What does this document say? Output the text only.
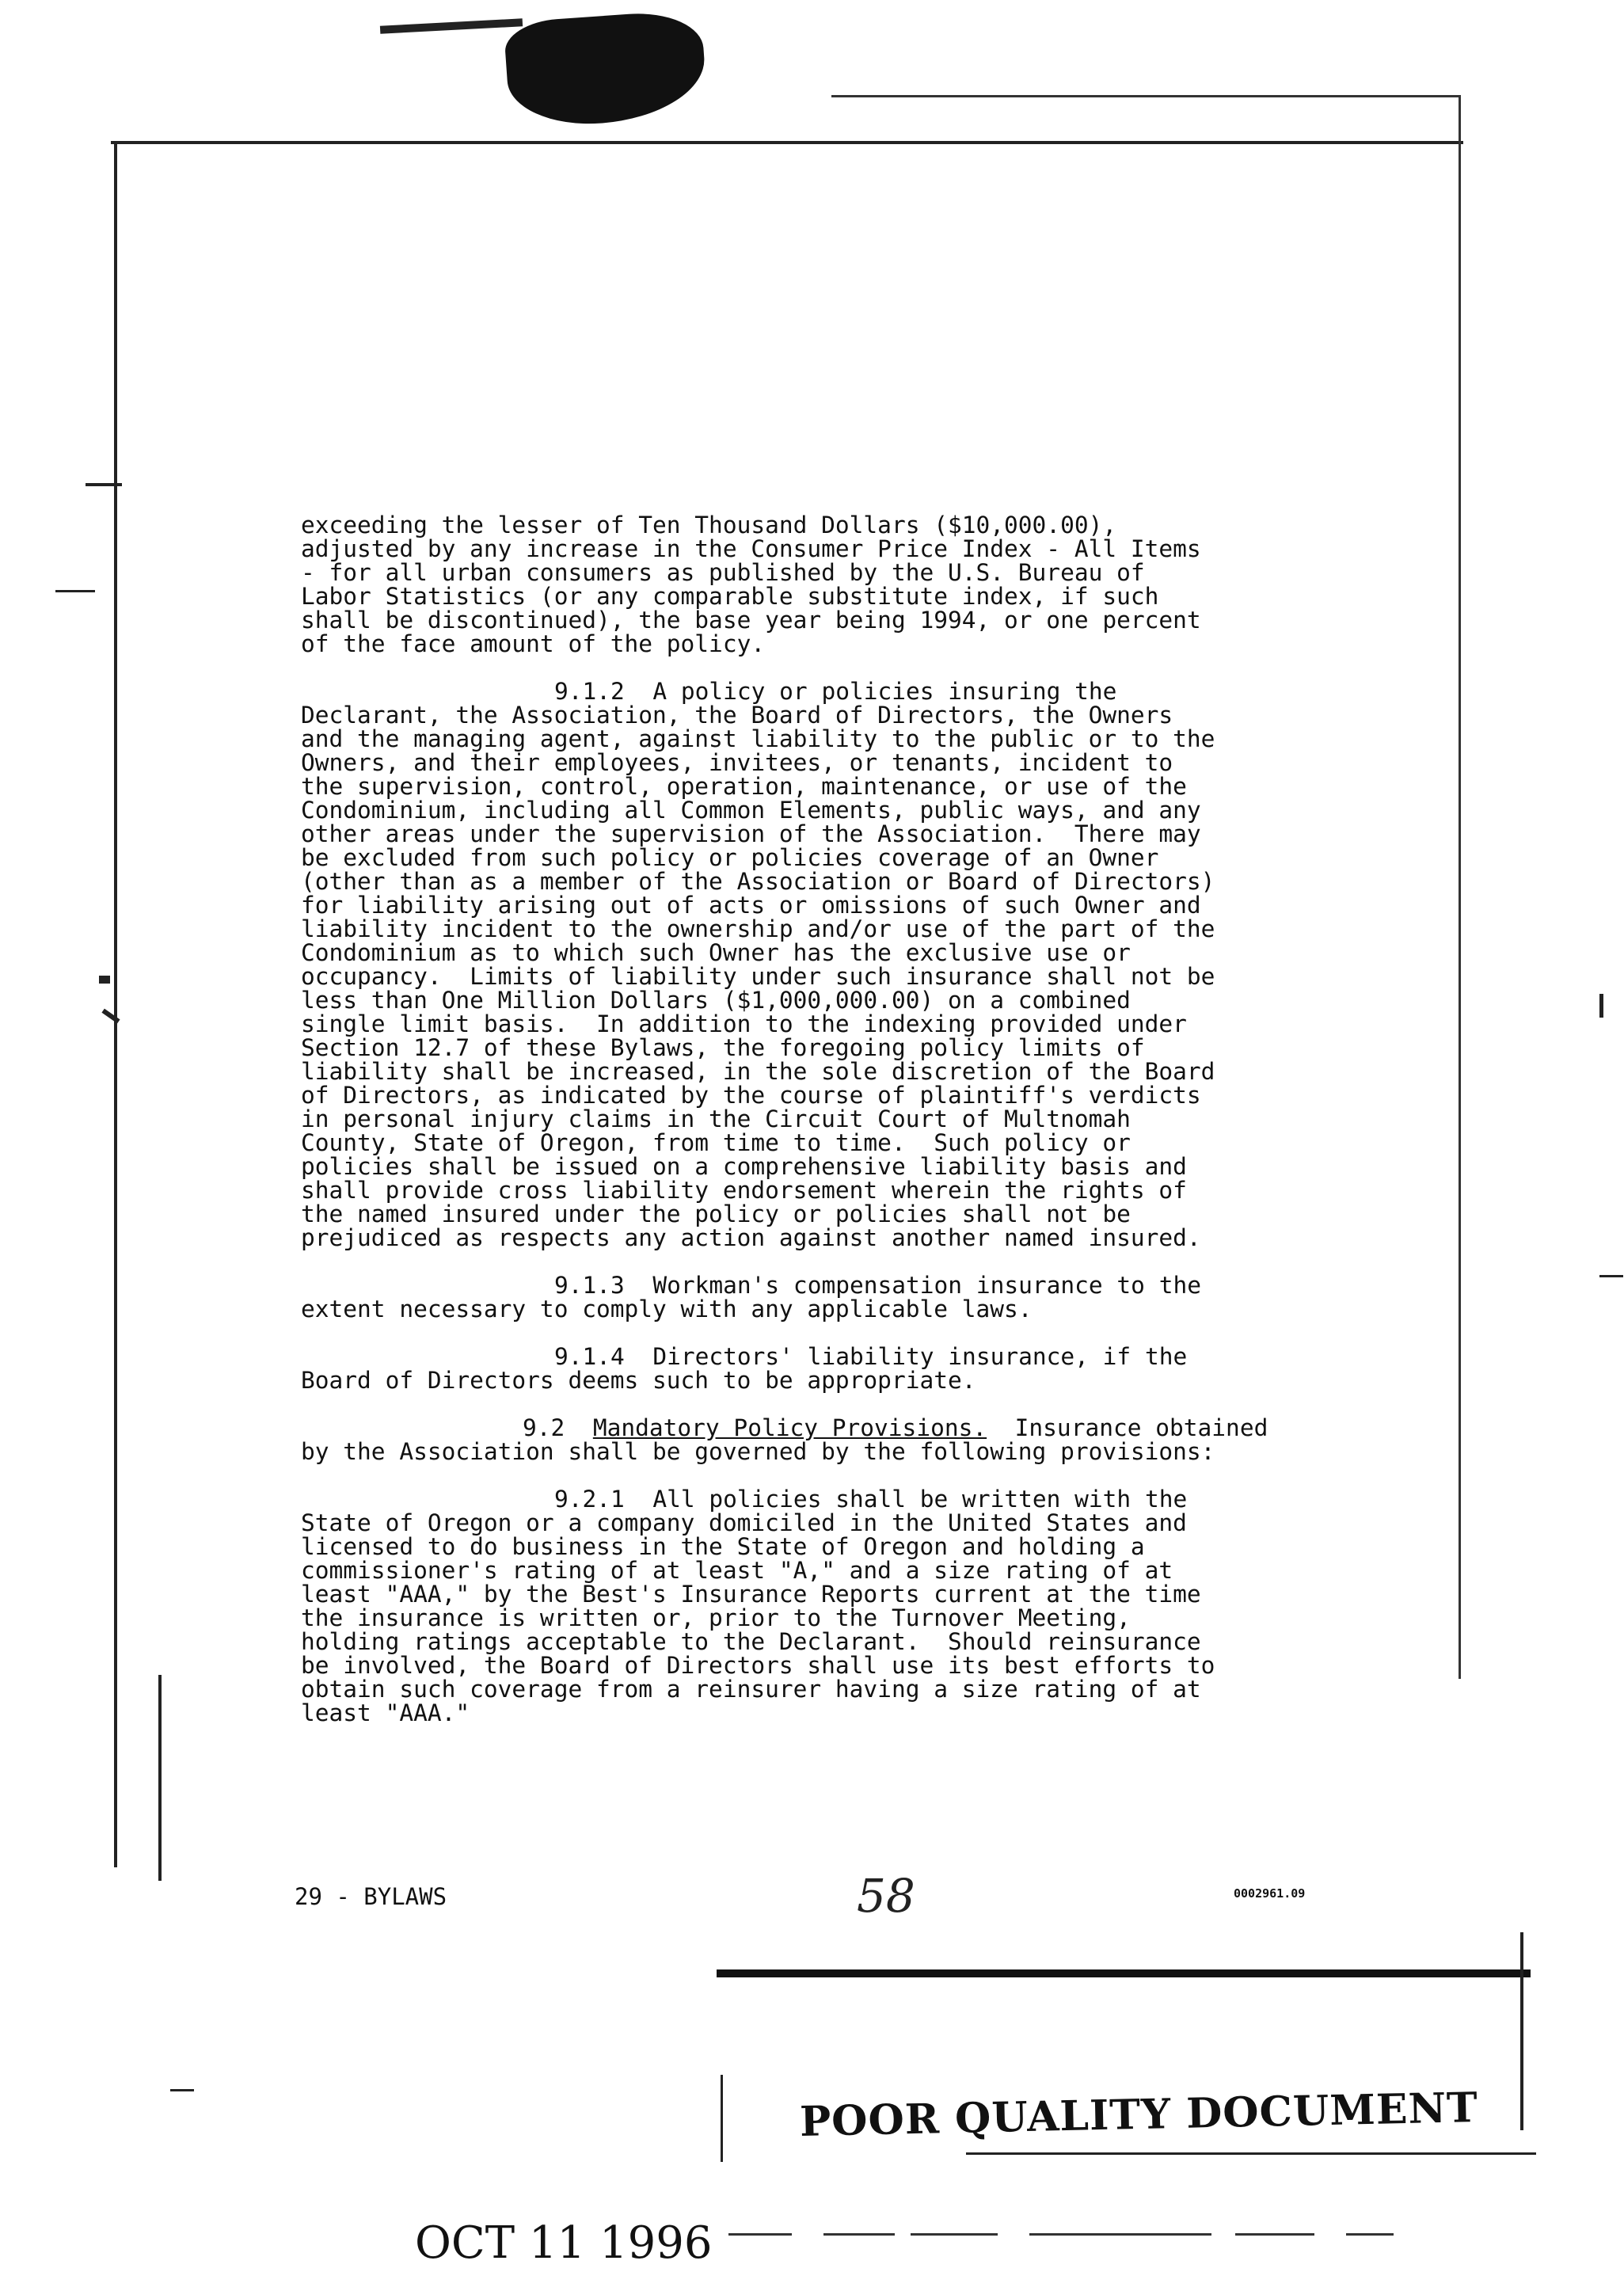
exceeding the lesser of Ten Thousand Dollars ($10,000.00),

adjusted by any increase in the Consumer Price Index - All Items

- for all urban consumers as published by the U.S. Bureau of

Labor Statistics (or any comparable substitute index, if such

shall be discontinued), the base year being 1994, or one percent

of the face amount of the policy.

9.1.2  A policy or policies insuring the

Declarant, the Association, the Board of Directors, the Owners

and the managing agent, against liability to the public or to the

Owners, and their employees, invitees, or tenants, incident to

the supervision, control, operation, maintenance, or use of the

Condominium, including all Common Elements, public ways, and any

other areas under the supervision of the Association.  There may

be excluded from such policy or policies coverage of an Owner

(other than as a member of the Association or Board of Directors)

for liability arising out of acts or omissions of such Owner and

liability incident to the ownership and/or use of the part of the

Condominium as to which such Owner has the exclusive use or

occupancy.  Limits of liability under such insurance shall not be

less than One Million Dollars ($1,000,000.00) on a combined

single limit basis.  In addition to the indexing provided under

Section 12.7 of these Bylaws, the foregoing policy limits of

liability shall be increased, in the sole discretion of the Board

of Directors, as indicated by the course of plaintiff's verdicts

in personal injury claims in the Circuit Court of Multnomah

County, State of Oregon, from time to time.  Such policy or

policies shall be issued on a comprehensive liability basis and

shall provide cross liability endorsement wherein the rights of

the named insured under the policy or policies shall not be

prejudiced as respects any action against another named insured.

9.1.3  Workman's compensation insurance to the

extent necessary to comply with any applicable laws.

9.1.4  Directors' liability insurance, if the

Board of Directors deems such to be appropriate.

9.2 Mandatory Policy Provisions.  Insurance obtained

by the Association shall be governed by the following provisions:

9.2.1  All policies shall be written with the

State of Oregon or a company domiciled in the United States and

licensed to do business in the State of Oregon and holding a

commissioner's rating of at least "A," and a size rating of at

least "AAA," by the Best's Insurance Reports current at the time

the insurance is written or, prior to the Turnover Meeting,

holding ratings acceptable to the Declarant.  Should reinsurance

be involved, the Board of Directors shall use its best efforts to

obtain such coverage from a reinsurer having a size rating of at

least "AAA."

29 - BYLAWS	58	0002961.09
POOR QUALITY DOCUMENT
OCT 11 1996
